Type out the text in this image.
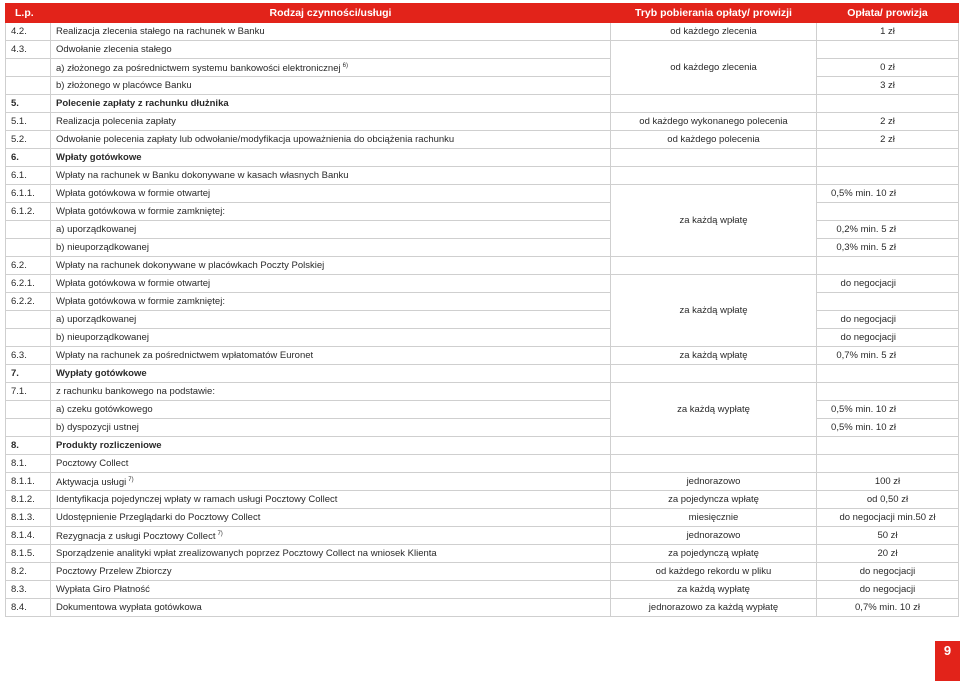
L.p.	Rodzaj czynności/usługi	Tryb pobierania opłaty/ prowizji	Opłata/ prowizja
4.2.	Realizacja zlecenia stałego na rachunek w Banku	od każdego zlecenia	1 zł
4.3.	Odwołanie zlecenia stałego	od każdego zlecenia	
	a) złożonego za pośrednictwem systemu bankowości elektronicznej $^{6)}$		0 zł
	b) złożonego w placówce Banku		3 zł
5.	Polecenie zapłaty z rachunku dłużnika		
5.1.	Realizacja polecenia zapłaty	od każdego wykonanego polecenia	2 zł
5.2.	Odwołanie polecenia zapłaty lub odwołanie/modyfikacja upoważnienia do obciążenia rachunku	od każdego polecenia	2 zł
6.	Wpłaty gotówkowe		
6.1.	Wpłaty na rachunek w Banku dokonywane w kasach własnych Banku		
6.1.1.	Wpłata gotówkowa w formie otwartej	za każdą wpłatę	0,5% min. 10 zł
6.1.2.	Wpłata gotówkowa w formie zamkniętej:		
	a) uporządkowanej		0,2% min. 5 zł
	b) nieuporządkowanej		0,3% min. 5 zł
6.2.	Wpłaty na rachunek dokonywane w placówkach Poczty Polskiej		
6.2.1.	Wpłata gotówkowa w formie otwartej	za każdą wpłatę	do negocjacji
6.2.2.	Wpłata gotówkowa w formie zamkniętej:		
	a) uporządkowanej		do negocjacji
	b) nieuporządkowanej		do negocjacji
6.3.	Wpłaty na rachunek za pośrednictwem wpłatomatów Euronet	za każdą wpłatę	0,7% min. 5 zł
7.	Wypłaty gotówkowe		
7.1.	z rachunku bankowego na podstawie:	za każdą wypłatę	
	a) czeku gotówkowego		0,5% min. 10 zł
	b) dyspozycji ustnej		0,5% min. 10 zł
8.	Produkty rozliczeniowe		
8.1.	Pocztowy Collect		
8.1.1.	Aktywacja usługi $^{7)}$	jednorazowo	100 zł
8.1.2.	Identyfikacja pojedynczej wpłaty w ramach usługi Pocztowy Collect	za pojedyncza wpłatę	od 0,50 zł
8.1.3.	Udostępnienie Przeglądarki do Pocztowy Collect	miesięcznie	do negocjacji min.50 zł
8.1.4.	Rezygnacja z usługi Pocztowy Collect $^{7)}$	jednorazowo	50 zł
8.1.5.	Sporządzenie analityki wpłat zrealizowanych poprzez Pocztowy Collect na wniosek Klienta	za pojedynczą wpłatę	20 zł
8.2.	Pocztowy Przelew Zbiorczy	od każdego rekordu w pliku	do negocjacji
8.3.	Wypłata Giro Płatność	za każdą wypłatę	do negocjacji
8.4.	Dokumentowa wypłata gotówkowa	jednorazowo za każdą wypłatę	0,7% min. 10 zł
9
